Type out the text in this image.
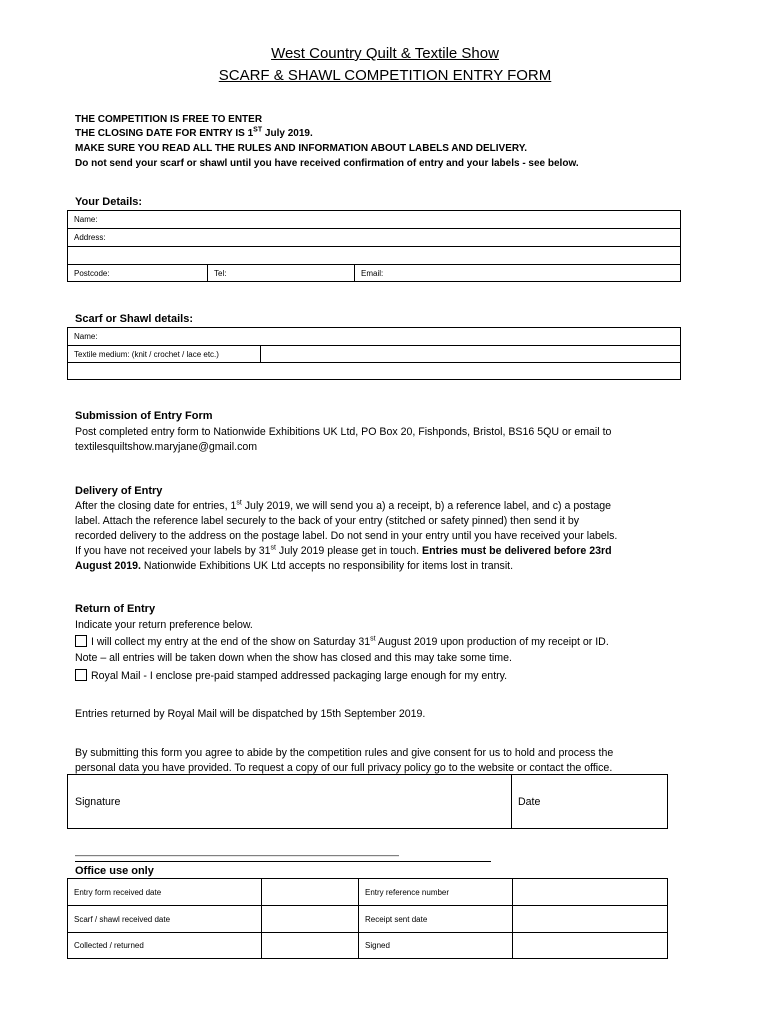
West Country Quilt & Textile Show
SCARF & SHAWL COMPETITION ENTRY FORM
THE COMPETITION IS FREE TO ENTER
THE CLOSING DATE FOR ENTRY IS 1ST July 2019.
MAKE SURE YOU READ ALL THE RULES AND INFORMATION ABOUT LABELS AND DELIVERY.
Do not send your scarf or shawl until you have received confirmation of entry and your labels - see below.
Your Details:
Name:
Address:
Postcode:	Tel:	Email:
Scarf or Shawl details:
Name:
Textile medium: (knit / crochet / lace etc.)
Submission of Entry Form
Post completed entry form to Nationwide Exhibitions UK Ltd, PO Box 20, Fishponds, Bristol, BS16 5QU or email to
textilesquiltshow.maryjane@gmail.com
Delivery of Entry
After the closing date for entries, 1st July 2019, we will send you a) a receipt, b) a reference label, and c) a postage
label. Attach the reference label securely to the back of your entry (stitched or safety pinned) then send it by
recorded delivery to the address on the postage label. Do not send in your entry until you have received your labels.
If you have not received your labels by 31st July 2019 please get in touch. Entries must be delivered before 23rd
August 2019. Nationwide Exhibitions UK Ltd accepts no responsibility for items lost in transit.
Return of Entry
Indicate your return preference below.
I will collect my entry at the end of the show on Saturday 31st August 2019 upon production of my receipt or ID.
Note – all entries will be taken down when the show has closed and this may take some time.
Royal Mail - I enclose pre-paid stamped addressed packaging large enough for my entry.
Entries returned by Royal Mail will be dispatched by 15th September 2019.
By submitting this form you agree to abide by the competition rules and give consent for us to hold and process the
personal data you have provided. To request a copy of our full privacy policy go to the website or contact the office.
Signature	Date
Office use only
Entry form received date	Entry reference number
Scarf / shawl received date	Receipt sent date
Collected / returned	Signed
————————————————————————————————————
